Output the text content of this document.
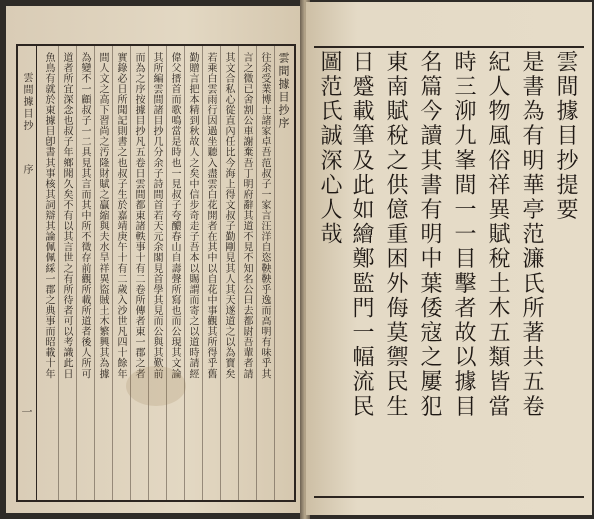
雲間據目抄
序
一
雲間據目抄序
往余受業博士諸家卓吾范叔子一家言汪洋自恣鞅鞅乎逸而高明有味乎其
言之微已舍割公車謝棄吾丁明府辭其道不見不知名公曰去都尉吾輩者請
其文合私心從直內任比今海上得文叔子勤剛見其人其天遂道之以為寶矣
若乘白雲雨行因過坐聽入盡雲白花開者在其中以自花中事觀其所得乎舊
勤贈言把本精到秋故人之矣中信步奇走子吾本以賜謂而寄之以道時請經
偉父搢首而歌鳴當是時也一見叔子夸醲春山自壽聲所寫也而公現其文論
其所編雲間諸目抄几分余子詩間首若天元余閣見首學其見而公與其歎前
而為之序按據目抄凡五卷日雲間都東諸軼事十有二卷所傳者東一郡之者
實錄必日所聞記則書之也叔子生於嘉靖庚午十有二歲入沙世凡四十餘年
間人文之高下習尚之汚隆財賦之贏縮與夫水旱祥異盜賊土木繁興其為據
為變不一顧叔子一二具見其言而其中所不徵存前觀所載所道者後人所可
道者所宜深念也叔子年鄉聞久矣不有以其言世之有所待者可以考識此日
魚鳥有就於東據目卽書其事核其詞辯其論佩佩綵一郡之典事而昭載十年	雲間據目抄提要
是書為有明華亭范濂氏所著共五卷
紀人物風俗祥異賦稅土木五類皆當
時三泖九峯間一一目擊者故以據目
名篇今讀其書有明中葉倭寇之屢犯
東南賦稅之供億重困外侮莫禦民生
日蹙載筆及此如繪鄭監門一幅流民
圖范氏誠深心人哉
